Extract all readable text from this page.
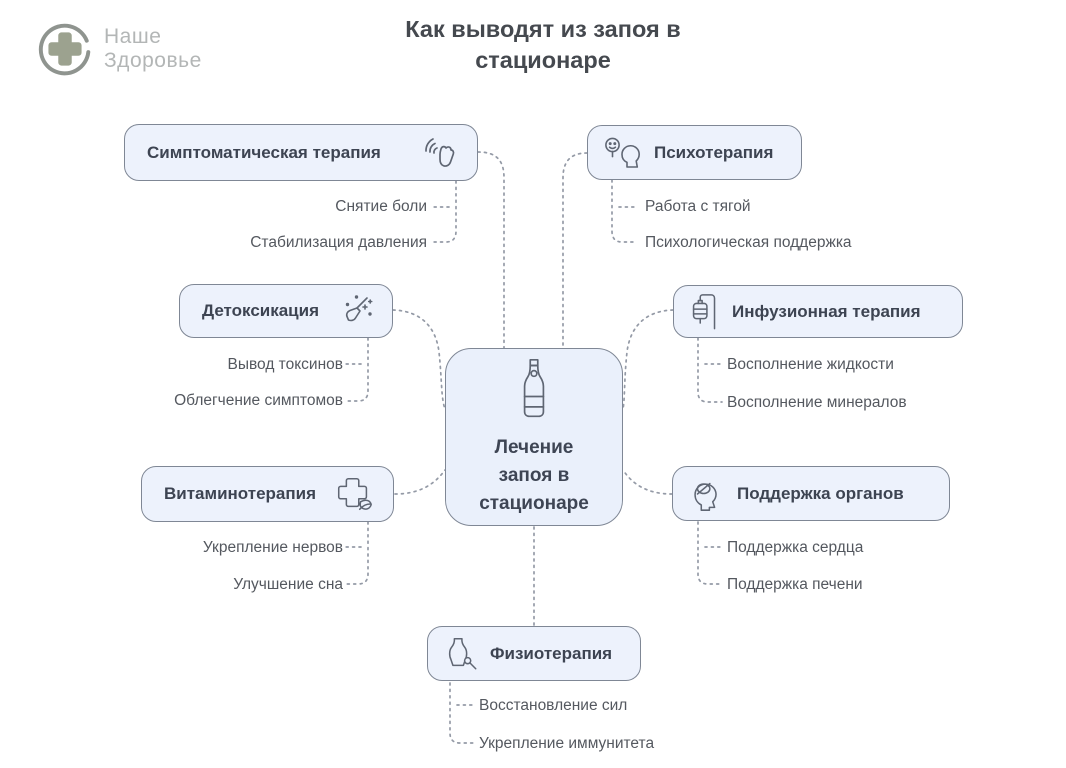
Наше
Здоровье
Как выводят из запоя в
стационаре
Симптоматическая терапия	Психотерапия
Детоксикация	Инфузионная терапия
Лечение запоя в стационаре
Витаминотерапия	Поддержка органов
Физиотерапия
Снятие боли
Стабилизация давления
Вывод токсинов
Облегчение симптомов
Укрепление нервов
Улучшение сна
Работа с тягой
Психологическая поддержка
Восполнение жидкости
Восполнение минералов
Поддержка сердца
Поддержка печени
Восстановление сил
Укрепление иммунитета
